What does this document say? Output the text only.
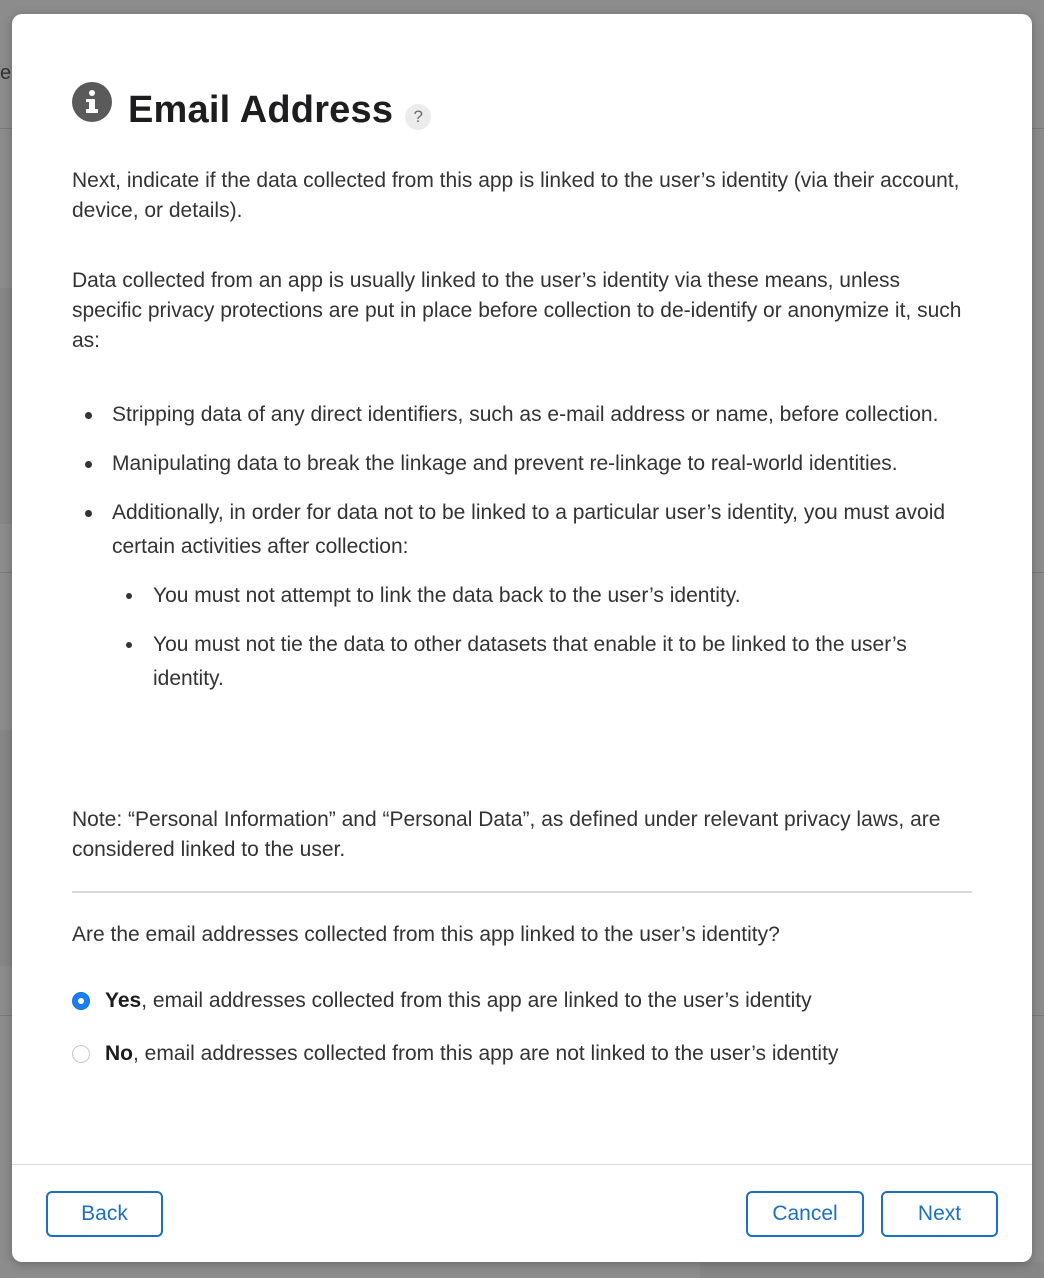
e
Email Address	?

Next, indicate if the data collected from this app is linked to the user’s identity (via their account, device, or details).

Data collected from an app is usually linked to the user’s identity via these means, unless specific privacy protections are put in place before collection to de-identify or anonymize it, such as:

Stripping data of any direct identifiers, such as e-mail address or name, before collection.
Manipulating data to break the linkage and prevent re-linkage to real-world identities.
Additionally, in order for data not to be linked to a particular user’s identity, you must avoid certain activities after collection:
You must not attempt to link the data back to the user’s identity.
You must not tie the data to other datasets that enable it to be linked to the user’s identity.

Note: “Personal Information” and “Personal Data”, as defined under relevant privacy laws, are considered linked to the user.

Are the email addresses collected from this app linked to the user’s identity?
Yes, email addresses collected from this app are linked to the user’s identity
No, email addresses collected from this app are not linked to the user’s identity
Back	Cancel	Next
